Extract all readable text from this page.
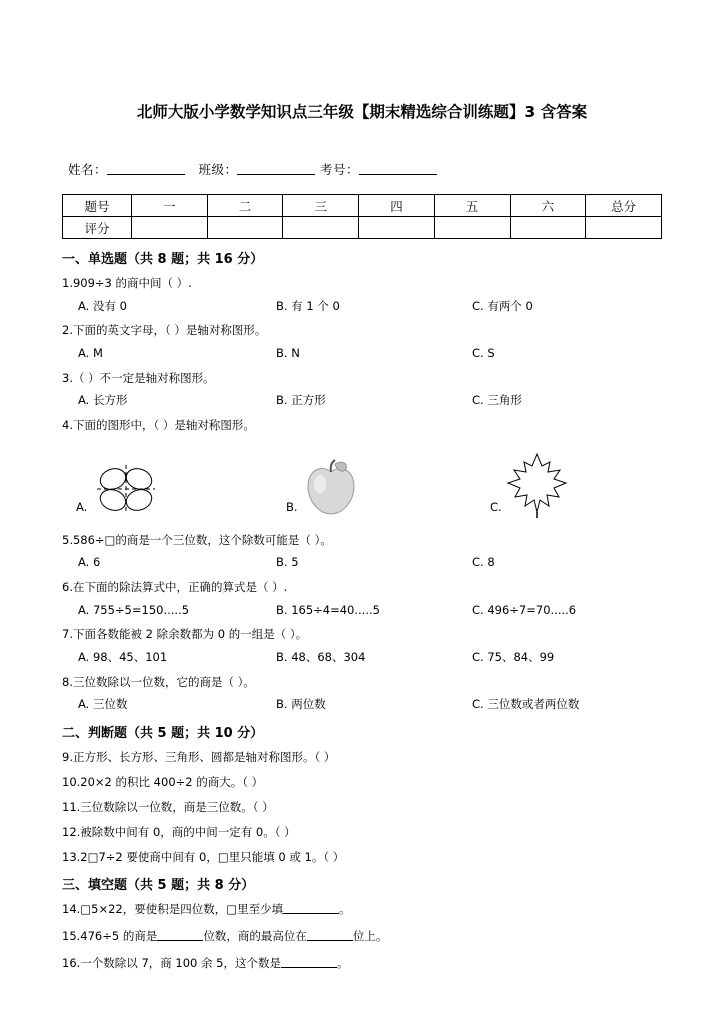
北师大版小学数学知识点三年级【期末精选综合训练题】3 含答案
姓名：	班级：	考号：
题号	一	二	三	四	五	六	总分
评分							
一、单选题（共 8 题；共 16 分）
1.909÷3 的商中间（ ）.
A. 没有 0	B. 有 1 个 0	C. 有两个 0
2.下面的英文字母，（ ）是轴对称图形。
A. M	B. N	C. S
3.（ ）不一定是轴对称图形。
A. 长方形	B. 正方形	C. 三角形
4.下面的图形中，（ ）是轴对称图形。
A.	B.	C.
5.586÷□的商是一个三位数，这个除数可能是（ ）。
A. 6	B. 5	C. 8
6.在下面的除法算式中，正确的算式是（ ）.
A. 755÷5=150.....5	B. 165÷4=40.....5	C. 496÷7=70.....6
7.下面各数能被 2 除余数都为 0 的一组是（ ）。
A. 98、45、101	B. 48、68、304	C. 75、84、99
8.三位数除以一位数，它的商是（ ）。
A. 三位数	B. 两位数	C. 三位数或者两位数
二、判断题（共 5 题；共 10 分）
9.正方形、长方形、三角形、圆都是轴对称图形。（ ）
10.20×2 的积比 400÷2 的商大。（ ）
11.三位数除以一位数，商是三位数。（ ）
12.被除数中间有 0，商的中间一定有 0。（ ）
13.2□7÷2 要使商中间有 0，□里只能填 0 或 1。（ ）
三、填空题（共 5 题；共 8 分）
14.□5×22，要使积是四位数，□里至少填	。
15.476÷5 的商是	位数，商的最高位在	位上。
16.一个数除以 7，商 100 余 5，这个数是	。
